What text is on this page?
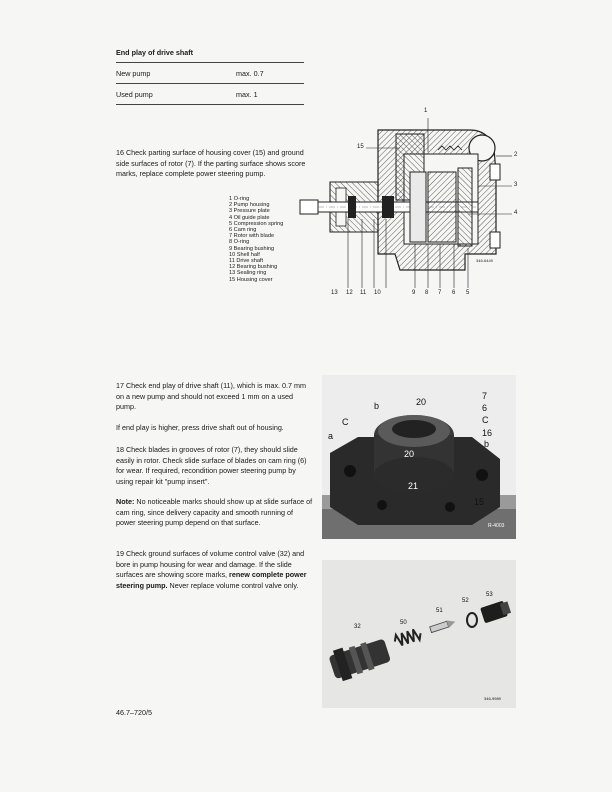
End play of drive shaft
New pump	max. 0.7
Used pump	max. 1
16 Check parting surface of housing cover (15) and ground side surfaces of rotor (7). If the parting surface shows score marks, replace complete power steering pump.
1 O-ring
2 Pump housing
3 Pressure plate
4 Oil guide plate
5 Compression spring
6 Cam ring
7 Rotor with blade
8 O-ring
9 Bearing bushing
10 Shell half
11 Drive shaft
12 Bearing bushing
13 Sealing ring
15 Housing cover
1
15
2
3
4
13 12 11 10	9 8 7 6 5
346-6449
17 Check end play of drive shaft (11), which is max. 0.7 mm on a new pump and should not exceed 1 mm on a used pump.
If end play is higher, press drive shaft out of housing.
18 Check blades in grooves of rotor (7), they should slide easily in rotor. Check slide surface of blades on cam ring (6) for wear. If required, recondition power steering pump by using repair kit "pump insert".
Note: No noticeable marks should show up at slide surface of cam ring, since delivery capacity and smooth running of power steering pump depend on that surface.
19 Check ground surfaces of volume control valve (32) and bore in pump housing for wear and damage. If the slide surfaces are showing score marks, renew complete power steering pump. Never replace volume control valve only.
20
b
C
a
20
21
7
6
C
16
b
15
R-4003
32
50
51
52
53
346-9989
46.7–720/5
